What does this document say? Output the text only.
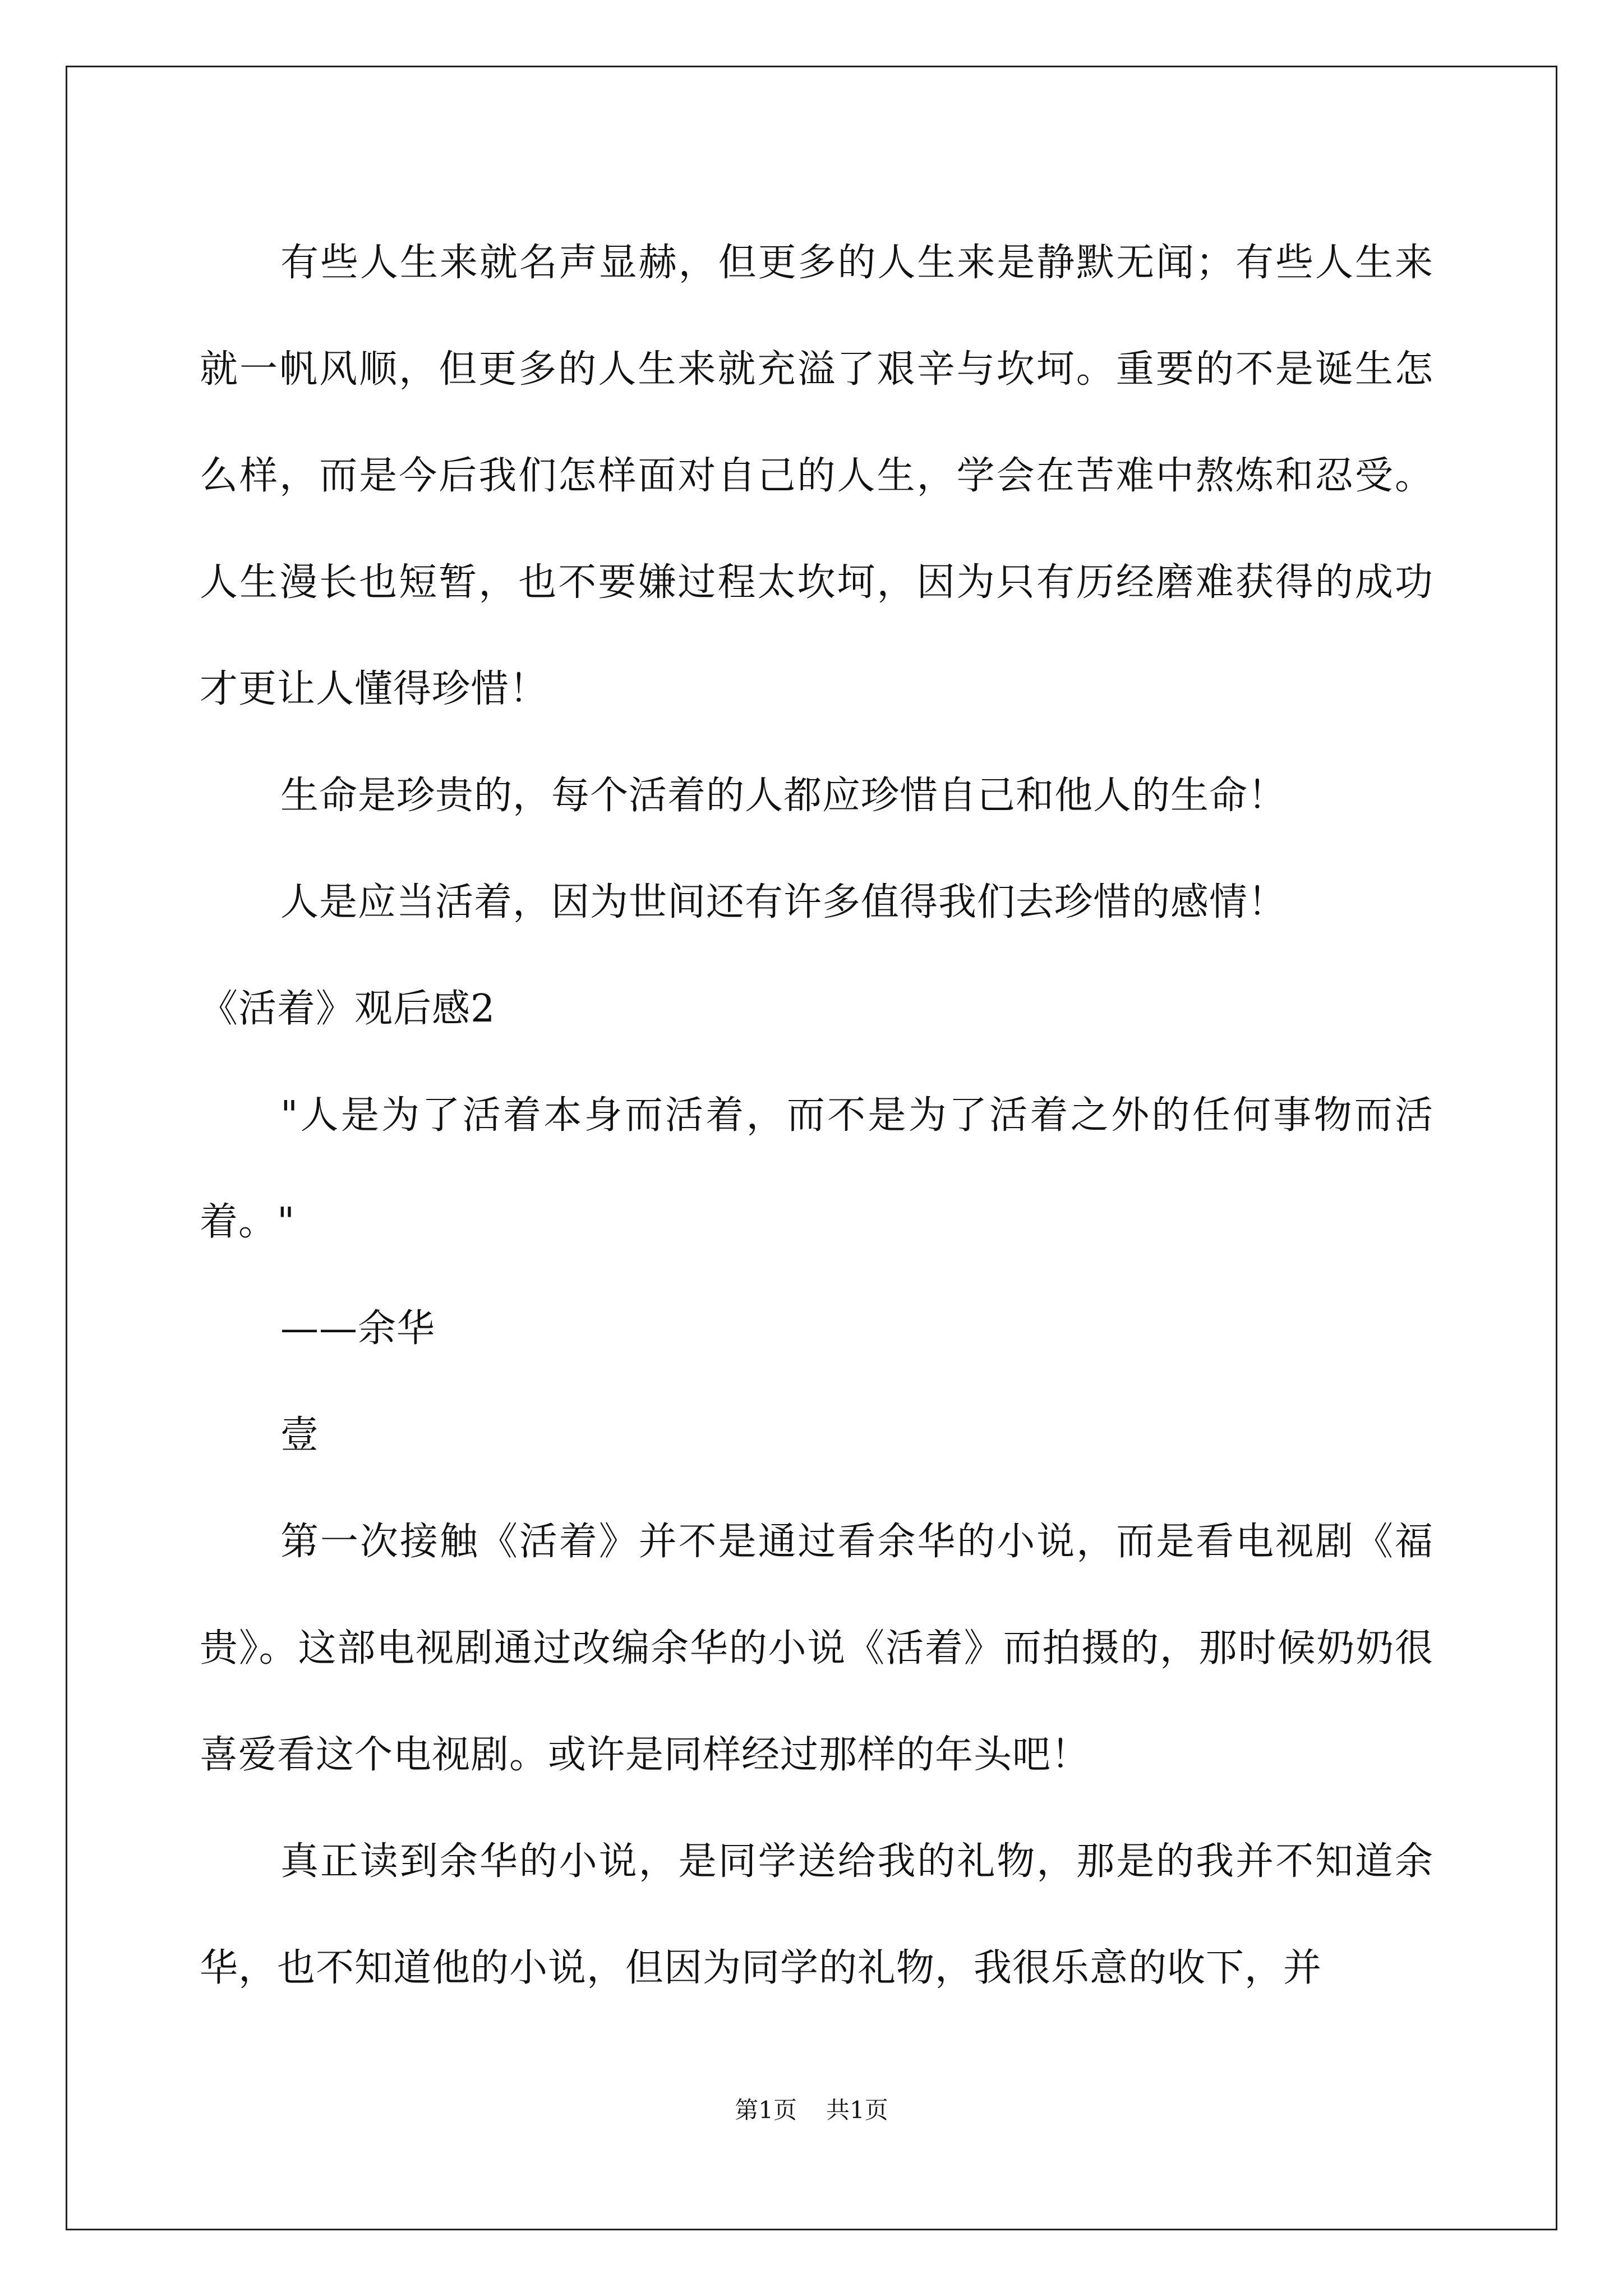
有些人生来就名声显赫，但更多的人生来是静默无闻；有些人生来就一帆风顺，但更多的人生来就充溢了艰辛与坎坷。重要的不是诞生怎么样，而是今后我们怎样面对自己的人生，学会在苦难中熬炼和忍受。人生漫长也短暂，也不要嫌过程太坎坷，因为只有历经磨难获得的成功才更让人懂得珍惜！

生命是珍贵的，每个活着的人都应珍惜自己和他人的生命！

人是应当活着，因为世间还有许多值得我们去珍惜的感情！

《活着》观后感2

"人是为了活着本身而活着，而不是为了活着之外的任何事物而活着。"

——余华

壹

第一次接触《活着》并不是通过看余华的小说，而是看电视剧《福贵》。这部电视剧通过改编余华的小说《活着》而拍摄的，那时候奶奶很喜爱看这个电视剧。或许是同样经过那样的年头吧！

真正读到余华的小说，是同学送给我的礼物，那是的我并不知道余华，也不知道他的小说，但因为同学的礼物，我很乐意的收下，并

第1页 共1页
